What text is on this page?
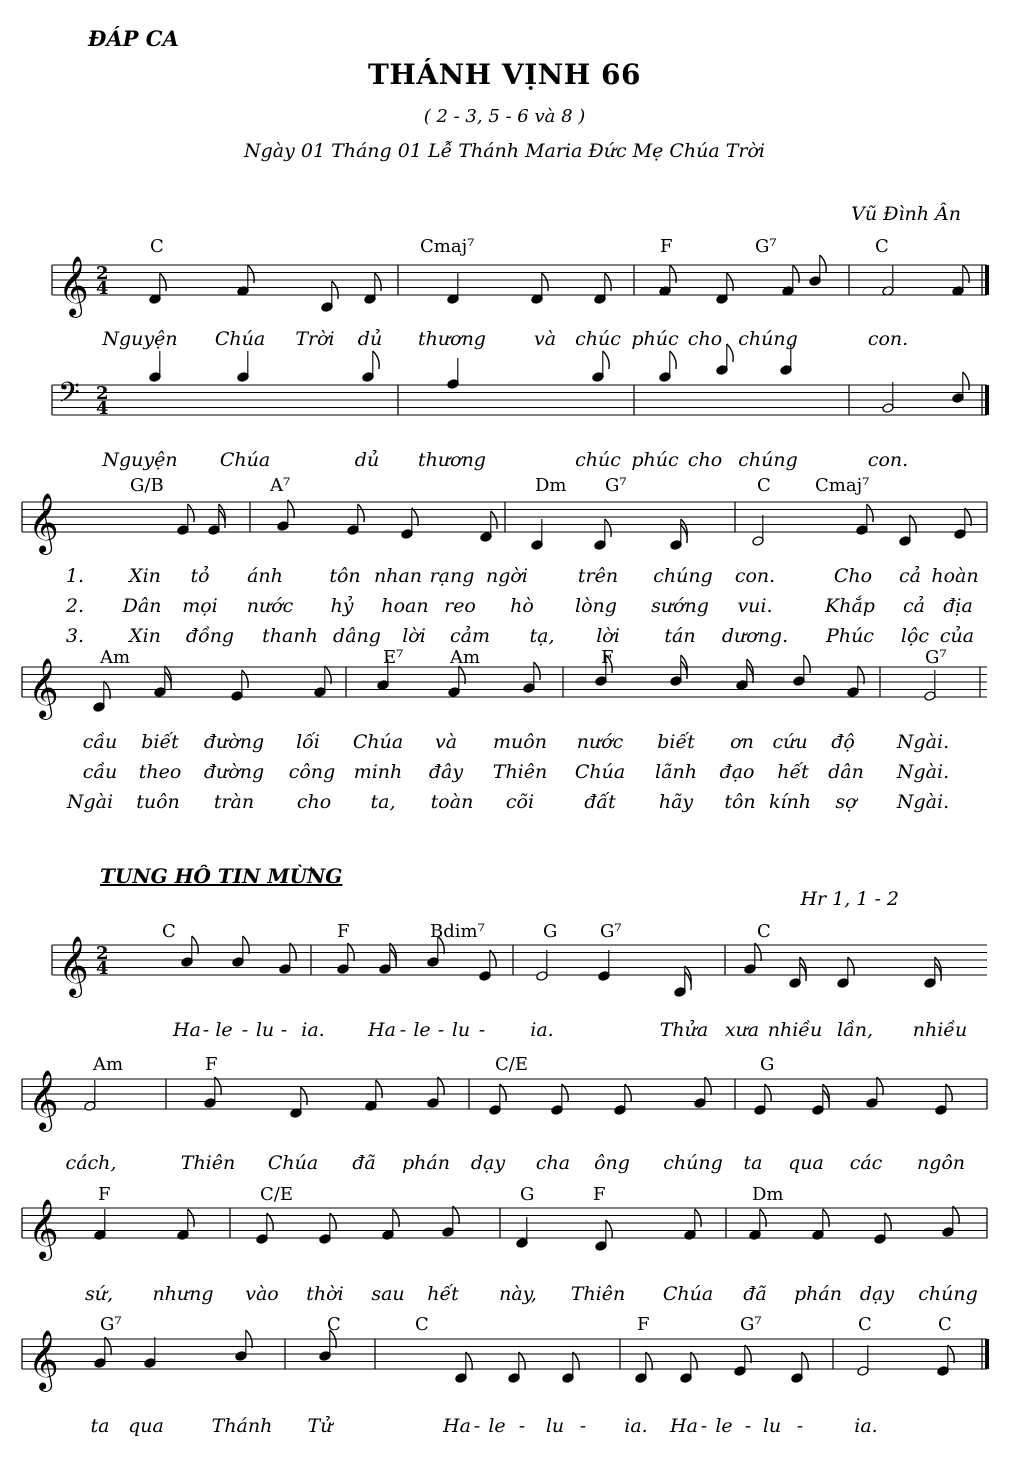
ĐÁP CA
THÁNH VỊNH 66
( 2 - 3, 5 - 6 và 8 )
Ngày 01 Tháng 01 Lễ Thánh Maria Đức Mẹ Chúa Trời
Vũ Đình Ân
TUNG HÔ TIN MỪNG
Hr 1, 1 - 2
𝄞 2
4
C	Cmaj⁷	F	G⁷	C
Nguyện Chúa Trời dủ thương	và chúc phúc cho chúng	con.
𝄢 2
4
Nguyện Chúa	dủ thương	chúc phúc cho chúng	con.
𝄞
G/B	A⁷	Dm G⁷	C Cmaj⁷
1. Xin tỏ ánh tôn nhan rạng ngời	trên chúng con.	Cho cả hoàn
2. Dân mọi nước hỷ hoan reo hò lòng sướng vui.	Khắp cả địa
3. Xin đồng thanh dâng lời cảm tạ, lời tán dương. Phúc lộc của
𝄞
Am	E⁷	Am	F	G⁷
cầu biết đường lối Chúa và muôn nước biết ơn cứu độ Ngài.
cầu theo đường công minh đây Thiên Chúa lãnh đạo hết dân Ngài.
Ngài tuôn tràn cho ta, toàn cõi	đất hãy tôn kính sợ Ngài.
𝄞 2
4
C	F	Bdim⁷	G G⁷	C
Ha - le - lu - ia. Ha - le - lu - ia.	Thửa xưa nhiều lần, nhiều
𝄞
Am	F	C/E	G
cách,	Thiên Chúa đã phán dạy cha ông chúng ta qua các ngôn
𝄞
F	C/E	G	F	Dm
sứ, nhưng vào thời sau hết này, Thiên Chúa đã phán dạy chúng
𝄞
G⁷	C	C	F	G⁷	C	C
ta qua	Thánh Tử	Ha - le - lu - ia. Ha - le - lu -	ia.
